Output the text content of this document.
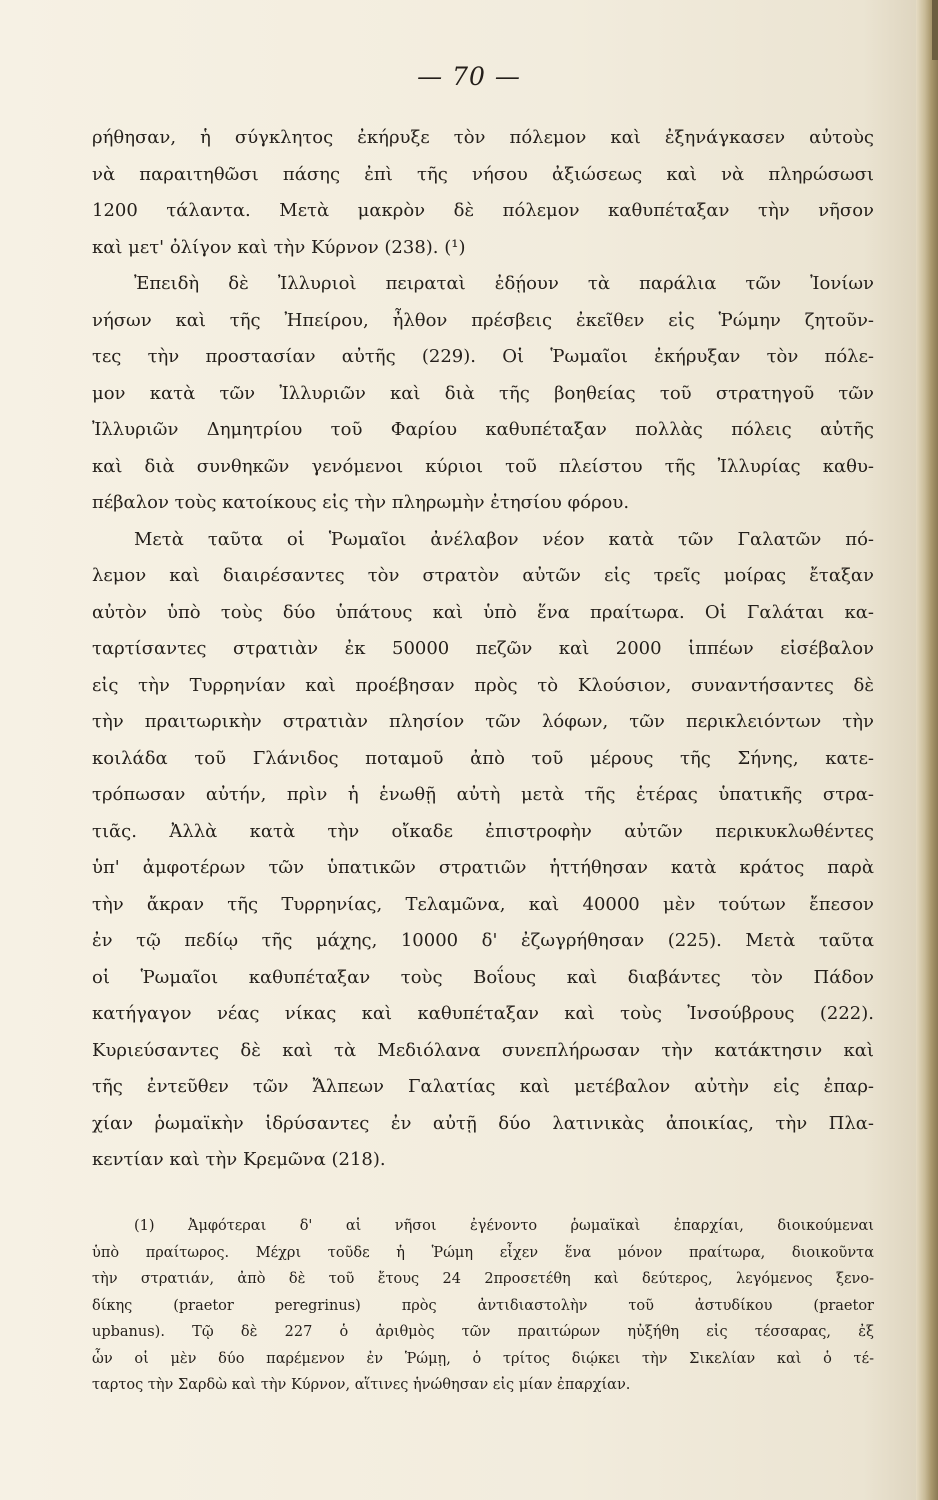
— 70 —
ρήθησαν, ἡ σύγκλητος ἐκήρυξε τὸν πόλεμον καὶ ἐξηνάγκασεν αὐτοὺς
νὰ παραιτηθῶσι πάσης ἐπὶ τῆς νήσου ἀξιώσεως καὶ νὰ πληρώσωσι
1200 τάλαντα. Μετὰ μακρὸν δὲ πόλεμον καθυπέταξαν τὴν νῆσον
καὶ μετ' ὀλίγον καὶ τὴν Κύρνον (238). (¹)
Ἐπειδὴ δὲ Ἰλλυριοὶ πειραταὶ ἐδῄουν τὰ παράλια τῶν Ἰονίων
νήσων καὶ τῆς Ἠπείρου, ἦλθον πρέσβεις ἐκεῖθεν εἰς Ῥώμην ζητοῦν-
τες τὴν προστασίαν αὐτῆς (229). Οἱ Ῥωμαῖοι ἐκήρυξαν τὸν πόλε-
μον κατὰ τῶν Ἰλλυριῶν καὶ διὰ τῆς βοηθείας τοῦ στρατηγοῦ τῶν
Ἰλλυριῶν Δημητρίου τοῦ Φαρίου καθυπέταξαν πολλὰς πόλεις αὐτῆς
καὶ διὰ συνθηκῶν γενόμενοι κύριοι τοῦ πλείστου τῆς Ἰλλυρίας καθυ-
πέβαλον τοὺς κατοίκους εἰς τὴν πληρωμὴν ἐτησίου φόρου.
Μετὰ ταῦτα οἱ Ῥωμαῖοι ἀνέλαβον νέον κατὰ τῶν Γαλατῶν πό-
λεμον καὶ διαιρέσαντες τὸν στρατὸν αὐτῶν εἰς τρεῖς μοίρας ἔταξαν
αὐτὸν ὑπὸ τοὺς δύο ὑπάτους καὶ ὑπὸ ἕνα πραίτωρα. Οἱ Γαλάται κα-
ταρτίσαντες στρατιὰν ἐκ 50000 πεζῶν καὶ 2000 ἱππέων εἰσέβαλον
εἰς τὴν Τυρρηνίαν καὶ προέβησαν πρὸς τὸ Κλούσιον, συναντήσαντες δὲ
τὴν πραιτωρικὴν στρατιὰν πλησίον τῶν λόφων, τῶν περικλειόντων τὴν
κοιλάδα τοῦ Γλάνιδος ποταμοῦ ἀπὸ τοῦ μέρους τῆς Σήνης, κατε-
τρόπωσαν αὐτήν, πρὶν ἡ ἑνωθῇ αὐτὴ μετὰ τῆς ἑτέρας ὑπατικῆς στρα-
τιᾶς. Ἀλλὰ κατὰ τὴν οἴκαδε ἐπιστροφὴν αὐτῶν περικυκλωθέντες
ὑπ' ἀμφοτέρων τῶν ὑπατικῶν στρατιῶν ἡττήθησαν κατὰ κράτος παρὰ
τὴν ἄκραν τῆς Τυρρηνίας, Τελαμῶνα, καὶ 40000 μὲν τούτων ἔπεσον
ἐν τῷ πεδίῳ τῆς μάχης, 10000 δ' ἐζωγρήθησαν (225). Μετὰ ταῦτα
οἱ Ῥωμαῖοι καθυπέταξαν τοὺς Βοΐους καὶ διαβάντες τὸν Πάδον
κατήγαγον νέας νίκας καὶ καθυπέταξαν καὶ τοὺς Ἰνσούβρους (222).
Κυριεύσαντες δὲ καὶ τὰ Μεδιόλανα συνεπλήρωσαν τὴν κατάκτησιν καὶ
τῆς ἐντεῦθεν τῶν Ἄλπεων Γαλατίας καὶ μετέβαλον αὐτὴν εἰς ἐπαρ-
χίαν ῥωμαϊκὴν ἱδρύσαντες ἐν αὐτῇ δύο λατινικὰς ἀποικίας, τὴν Πλα-
κεντίαν καὶ τὴν Κρεμῶνα (218).
(1) Ἀμφότεραι δ' αἱ νῆσοι ἐγένοντο ῥωμαϊκαὶ ἐπαρχίαι, διοικούμεναι
ὑπὸ πραίτωρος. Μέχρι τοῦδε ἡ Ῥώμη εἶχεν ἕνα μόνον πραίτωρα, διοικοῦντα
τὴν στρατιάν, ἀπὸ δὲ τοῦ ἔτους 24 2προσετέθη καὶ δεύτερος, λεγόμενος ξενο-
δίκης (praetor peregrinus) πρὸς ἀντιδιαστολὴν τοῦ ἀστυδίκου (praetor
upbanus). Τῷ δὲ 227 ὁ ἀριθμὸς τῶν πραιτώρων ηὐξήθη εἰς τέσσαρας, ἐξ
ὧν οἱ μὲν δύο παρέμενον ἐν Ῥώμῃ, ὁ τρίτος διῴκει τὴν Σικελίαν καὶ ὁ τέ-
ταρτος τὴν Σαρδὼ καὶ τὴν Κύρνον, αἵτινες ἡνώθησαν εἰς μίαν ἐπαρχίαν.
